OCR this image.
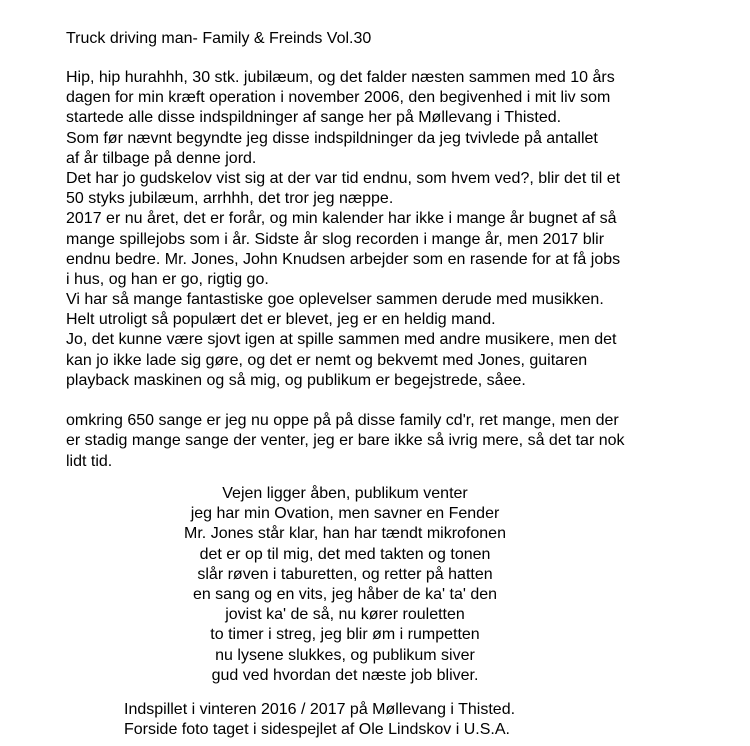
Truck driving man- Family & Freinds Vol.30
Hip, hip hurahhh, 30 stk. jubilæum, og det falder næsten sammen med 10 års
dagen for min kræft operation i november 2006, den begivenhed i mit liv som
startede alle disse indspildninger af sange her på Møllevang i Thisted.
Som før nævnt begyndte jeg disse indspildninger da jeg tvivlede på antallet
af år tilbage på denne jord.
Det har jo gudskelov vist sig at der var tid endnu, som hvem ved?, blir det til et
50 styks jubilæum, arrhhh, det tror jeg næppe.
2017 er nu året, det er forår, og min kalender har ikke i mange år bugnet af så
mange spillejobs som i år. Sidste år slog recorden i mange år, men 2017 blir
endnu bedre. Mr. Jones, John Knudsen arbejder som en rasende for at få jobs
i hus, og han er go, rigtig go.
Vi har så mange fantastiske goe oplevelser sammen derude med musikken.
Helt utroligt så populært det er blevet, jeg er en heldig mand.
Jo, det kunne være sjovt igen at spille sammen med andre musikere, men det
kan jo ikke lade sig gøre, og det er nemt og bekvemt med Jones, guitaren
playback maskinen og så mig, og publikum er begejstrede, såee.
omkring 650 sange er jeg nu oppe på på disse family cd'r, ret mange, men der
er stadig mange sange der venter, jeg er bare ikke så ivrig mere, så det tar nok
lidt tid.
Vejen ligger åben, publikum venter
jeg har min Ovation, men savner en Fender
Mr. Jones står klar, han har tændt mikrofonen
det er op til mig, det med takten og tonen
slår røven i taburetten, og retter på hatten
en sang og en vits, jeg håber de ka' ta' den
jovist ka' de så, nu kører rouletten
to timer i streg, jeg blir øm i rumpetten
nu lysene slukkes, og publikum siver
gud ved hvordan det næste job bliver.
Indspillet i vinteren 2016 / 2017 på Møllevang i Thisted.
Forside foto taget i sidespejlet af Ole Lindskov i U.S.A.
